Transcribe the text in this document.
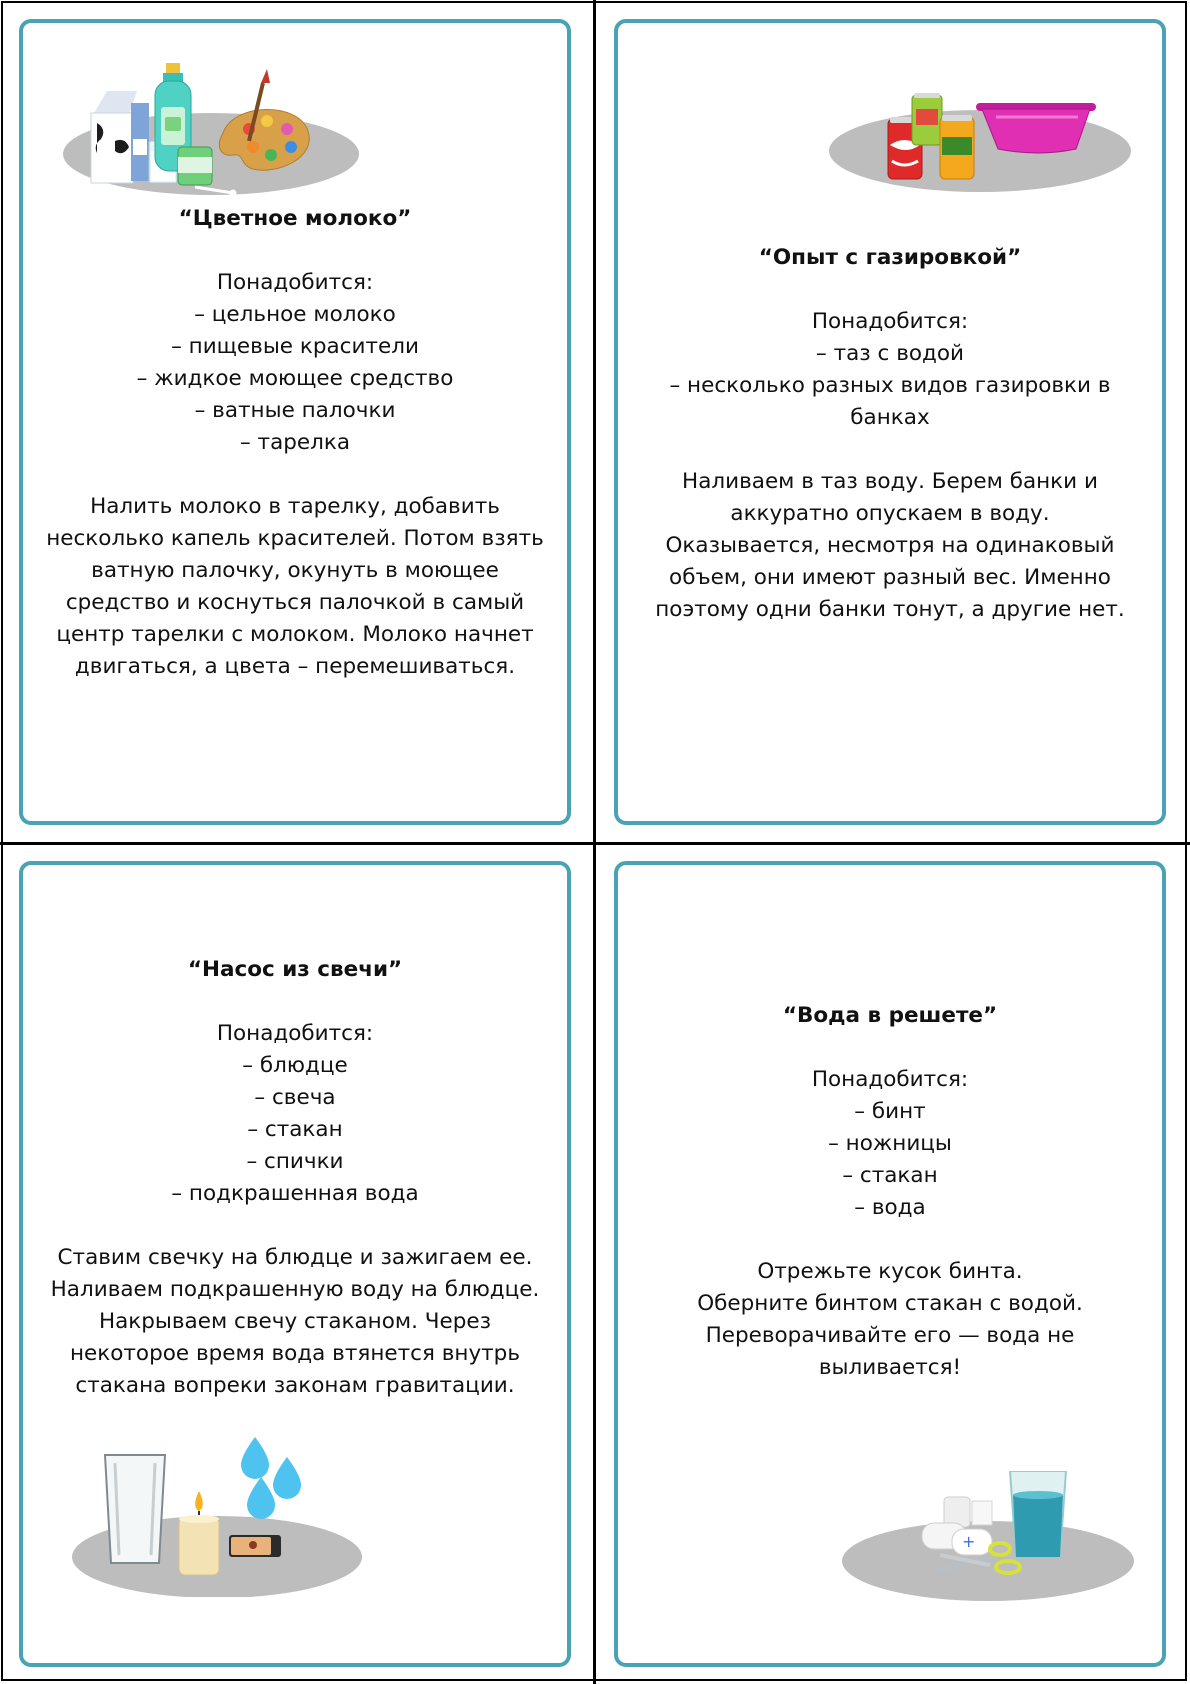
“Цветное молоко”
Понадобится:
– цельное молоко
– пищевые красители
– жидкое моющее средство
– ватные палочки
– тарелка
Налить молоко в тарелку, добавить
несколько капель красителей. Потом взять
ватную палочку, окунуть в моющее
средство и коснуться палочкой в самый
центр тарелки с молоком. Молоко начнет
двигаться, а цвета – перемешиваться.
“Опыт с газировкой”
Понадобится:
– таз с водой
– несколько разных видов газировки в
банках
Наливаем в таз воду. Берем банки и
аккуратно опускаем в воду.
Оказывается, несмотря на одинаковый
объем, они имеют разный вес. Именно
поэтому одни банки тонут, а другие нет.
“Насос из свечи”
Понадобится:
– блюдце
– свеча
– стакан
– спички
– подкрашенная вода
Ставим свечку на блюдце и зажигаем ее.
Наливаем подкрашенную воду на блюдце.
Накрываем свечу стаканом. Через
некоторое время вода втянется внутрь
стакана вопреки законам гравитации.
“Вода в решете”
Понадобится:
– бинт
– ножницы
– стакан
– вода
Отрежьте кусок бинта.
Оберните бинтом стакан с водой.
Переворачивайте его — вода не
выливается!
+
